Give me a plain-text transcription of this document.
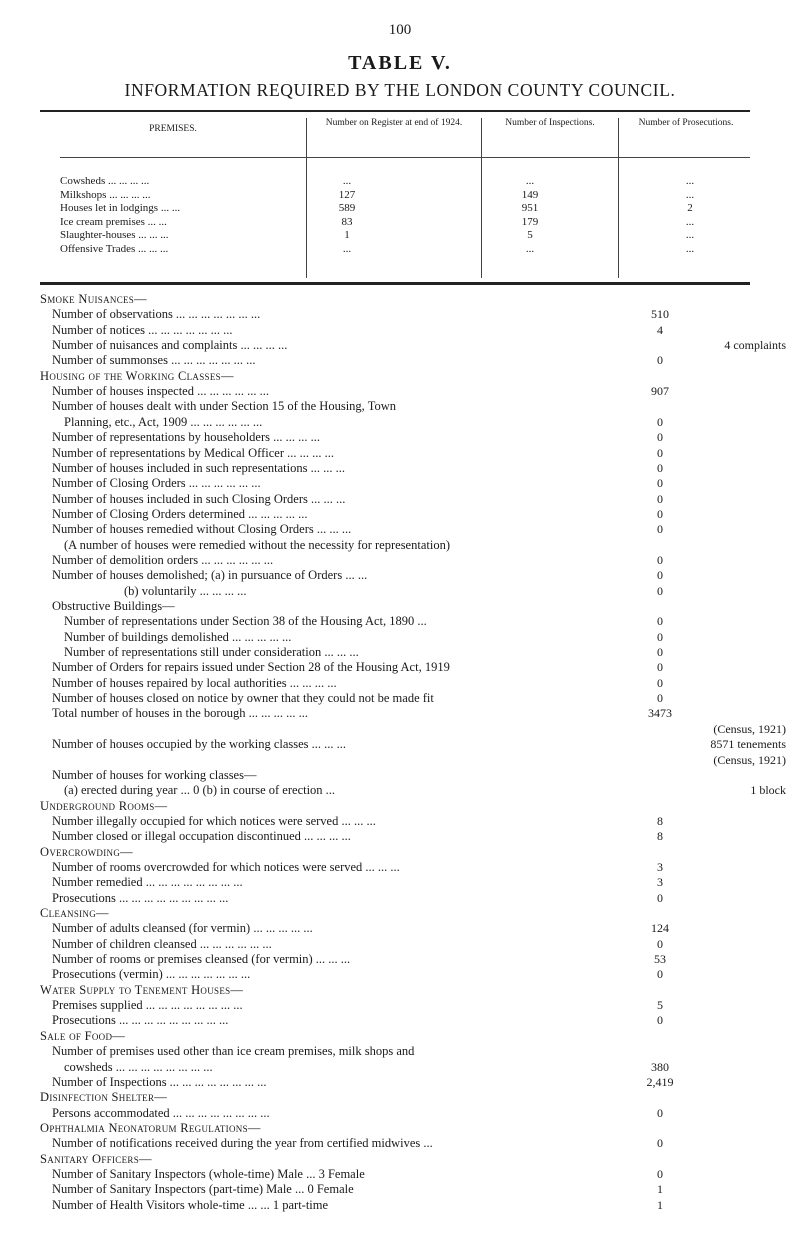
100
TABLE V.
INFORMATION REQUIRED BY THE LONDON COUNTY COUNCIL.
PREMISES.
Number on Register at end of 1924.	Number of Inspections.	Number of Prosecutions.
Cowsheds ... ... ... ...	...	...	...
Milkshops ... ... ... ...	127	149	...
Houses let in lodgings ... ...	589	951	2
Ice cream premises ... ...	83	179	...
Slaughter-houses ... ... ...	1	5	...
Offensive Trades ... ... ...	...	...	...
Smoke Nuisances—
Number of observations ... ... ... ... ... ... ...	510
Number of notices ... ... ... ... ... ... ...	4
Number of nuisances and complaints ... ... ... ...	4 complaints
Number of summonses ... ... ... ... ... ... ...	0
Housing of the Working Classes—
Number of houses inspected ... ... ... ... ... ...	907
Number of houses dealt with under Section 15 of the Housing, Town
Planning, etc., Act, 1909 ... ... ... ... ... ...	0
Number of representations by householders ... ... ... ...	0
Number of representations by Medical Officer ... ... ... ...	0
Number of houses included in such representations ... ... ...	0
Number of Closing Orders ... ... ... ... ... ...	0
Number of houses included in such Closing Orders ... ... ...	0
Number of Closing Orders determined ... ... ... ... ...	0
Number of houses remedied without Closing Orders ... ... ...	0
(A number of houses were remedied without the necessity for representation)
Number of demolition orders ... ... ... ... ... ...	0
Number of houses demolished; (a) in pursuance of Orders ... ...	0
(b) voluntarily ... ... ... ...	0
Obstructive Buildings—
Number of representations under Section 38 of the Housing Act, 1890 ...	0
Number of buildings demolished ... ... ... ... ...	0
Number of representations still under consideration ... ... ...	0
Number of Orders for repairs issued under Section 28 of the Housing Act, 1919	0
Number of houses repaired by local authorities ... ... ... ...	0
Number of houses closed on notice by owner that they could not be made fit	0
Total number of houses in the borough ... ... ... ... ...	3473
(Census, 1921)
Number of houses occupied by the working classes ... ... ...	8571 tenements
(Census, 1921)
Number of houses for working classes—
(a) erected during year ... 0 (b) in course of erection ...	1 block
Underground Rooms—
Number illegally occupied for which notices were served ... ... ...	8
Number closed or illegal occupation discontinued ... ... ... ...	8
Overcrowding—
Number of rooms overcrowded for which notices were served ... ... ...	3
Number remedied ... ... ... ... ... ... ... ...	3
Prosecutions ... ... ... ... ... ... ... ... ...	0
Cleansing—
Number of adults cleansed (for vermin) ... ... ... ... ...	124
Number of children cleansed ... ... ... ... ... ...	0
Number of rooms or premises cleansed (for vermin) ... ... ...	53
Prosecutions (vermin) ... ... ... ... ... ... ...	0
Water Supply to Tenement Houses—
Premises supplied ... ... ... ... ... ... ... ...	5
Prosecutions ... ... ... ... ... ... ... ... ...	0
Sale of Food—
Number of premises used other than ice cream premises, milk shops and
cowsheds ... ... ... ... ... ... ... ...	380
Number of Inspections ... ... ... ... ... ... ... ...	2,419
Disinfection Shelter—
Persons accommodated ... ... ... ... ... ... ... ...	0
Ophthalmia Neonatorum Regulations—
Number of notifications received during the year from certified midwives ...	0
Sanitary Officers—
Number of Sanitary Inspectors (whole-time) Male ... 3 Female	0
Number of Sanitary Inspectors (part-time) Male ... 0 Female	1
Number of Health Visitors whole-time ... ... 1 part-time	1
